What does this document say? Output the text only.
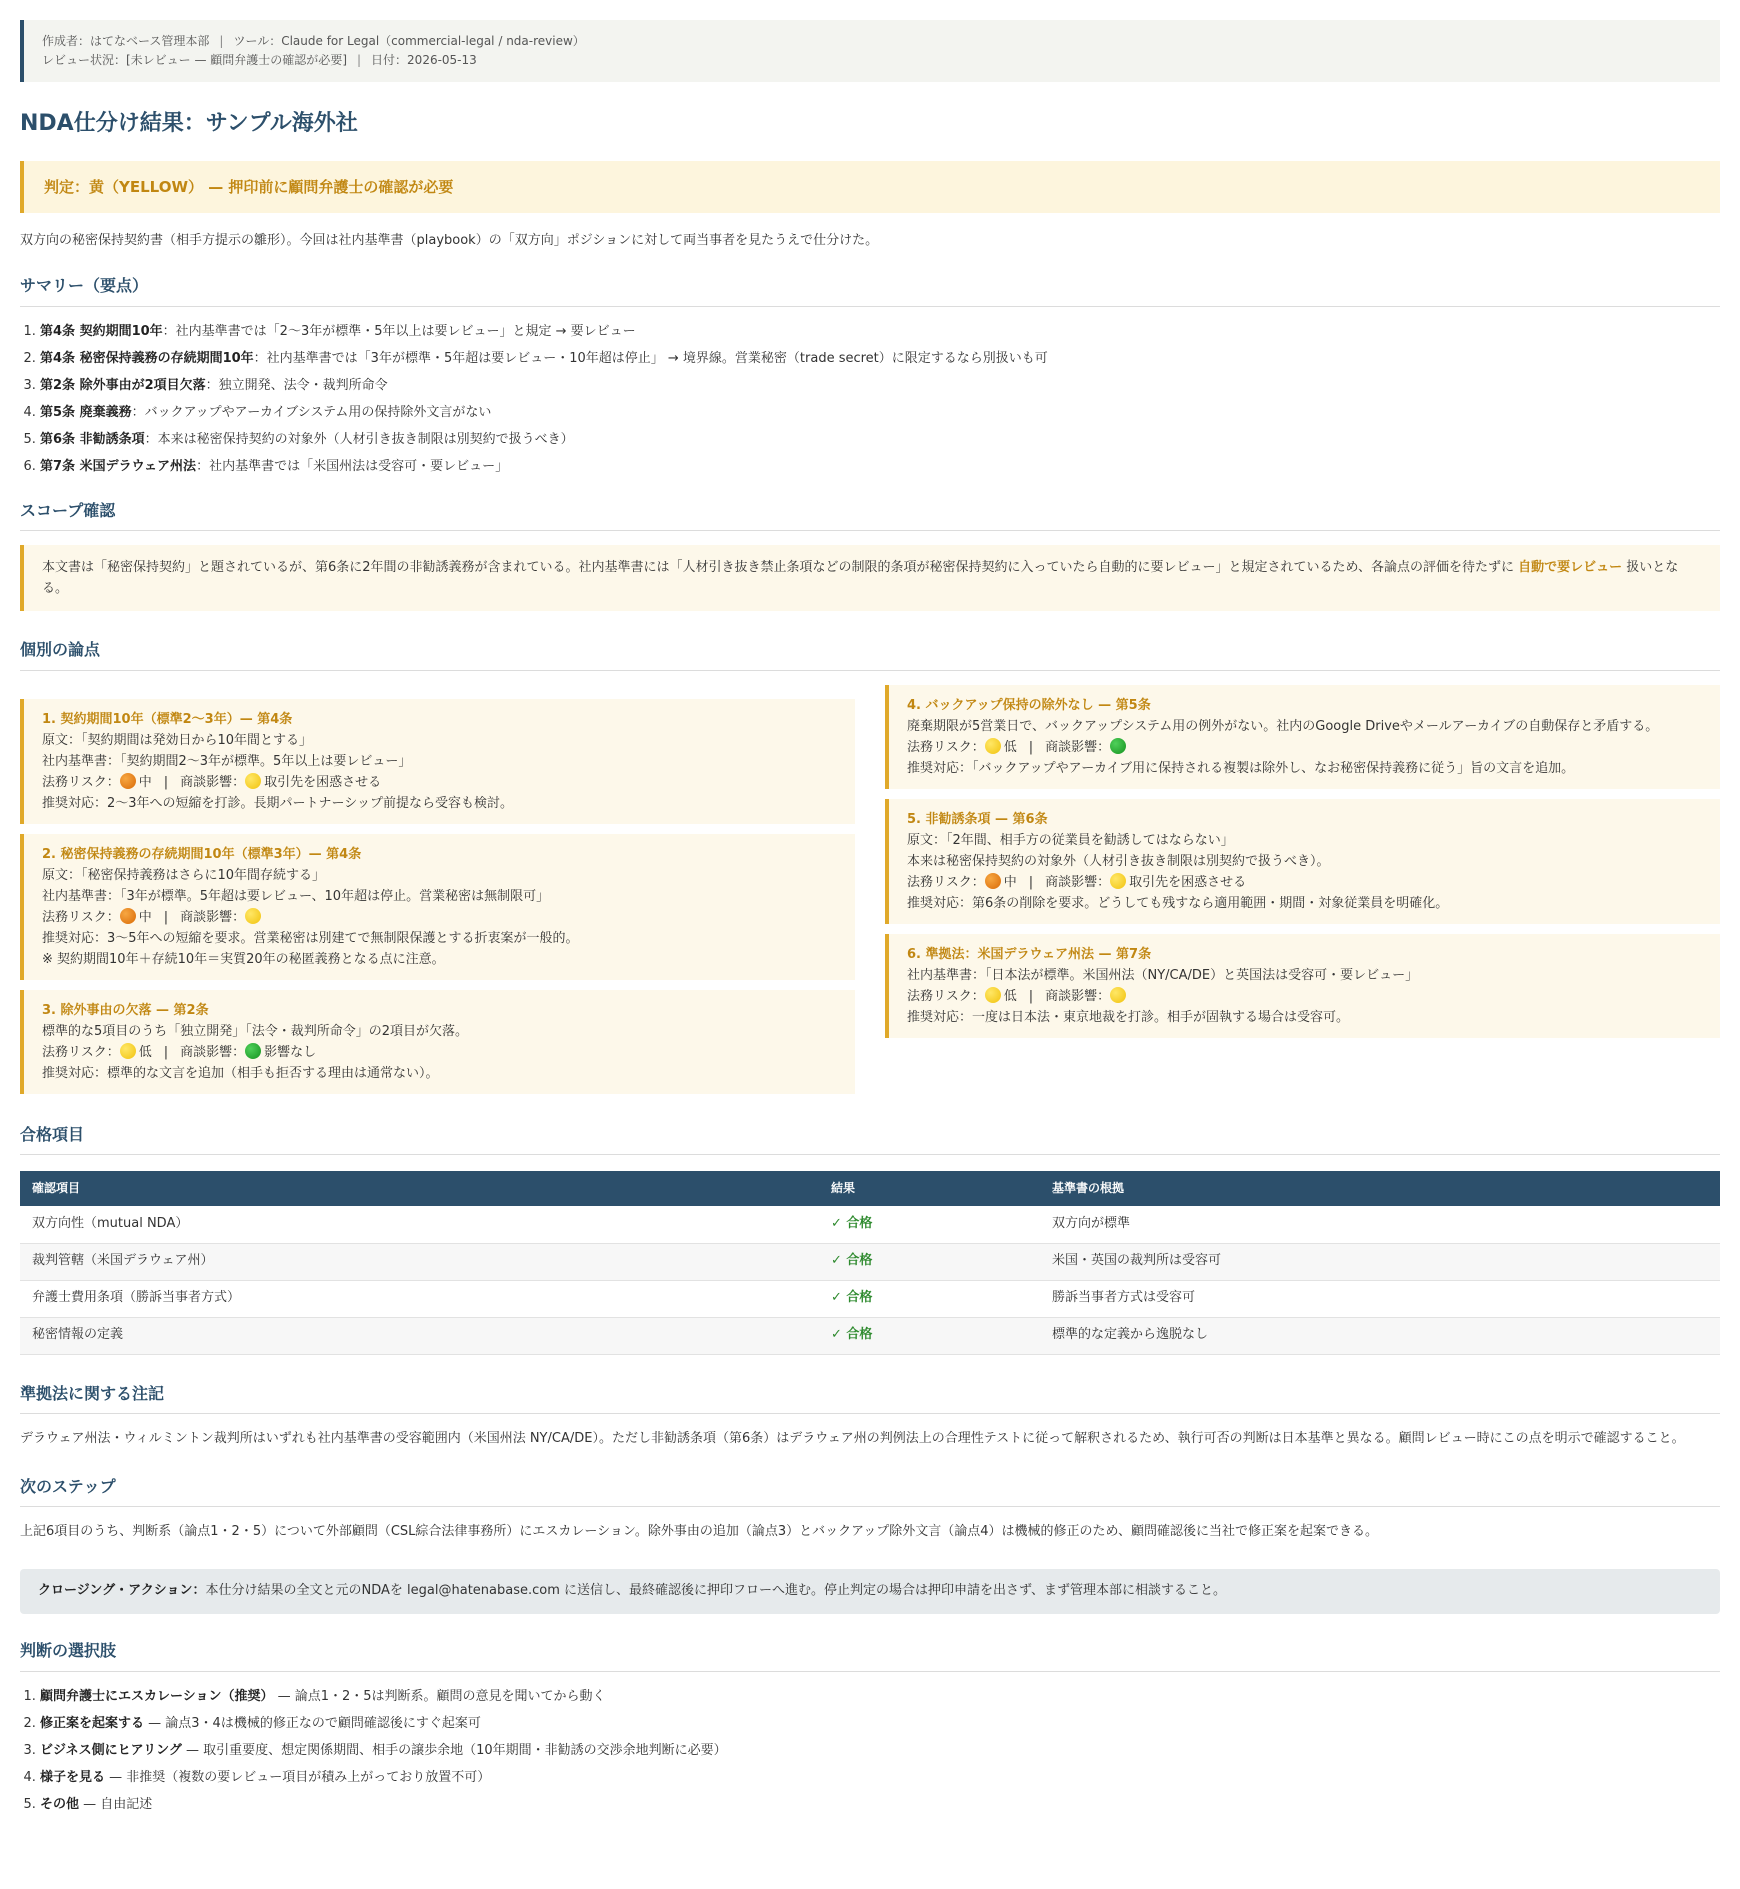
作成者：はてなベース管理本部 | ツール：Claude for Legal（commercial-legal / nda-review）
レビュー状況：[未レビュー — 顧問弁護士の確認が必要] | 日付：2026-05-13
NDA仕分け結果：サンプル海外社
判定：黄（YELLOW） — 押印前に顧問弁護士の確認が必要

双方向の秘密保持契約書（相手方提示の雛形）。今回は社内基準書（playbook）の「双方向」ポジションに対して両当事者を見たうえで仕分けた。

サマリー（要点）
1. 第4条 契約期間10年：社内基準書では「2〜3年が標準・5年以上は要レビュー」と規定 → 要レビュー
2. 第4条 秘密保持義務の存続期間10年：社内基準書では「3年が標準・5年超は要レビュー・10年超は停止」 → 境界線。営業秘密（trade secret）に限定するなら別扱いも可
3. 第2条 除外事由が2項目欠落：独立開発、法令・裁判所命令
4. 第5条 廃棄義務：バックアップやアーカイブシステム用の保持除外文言がない
5. 第6条 非勧誘条項：本来は秘密保持契約の対象外（人材引き抜き制限は別契約で扱うべき）
6. 第7条 米国デラウェア州法：社内基準書では「米国州法は受容可・要レビュー」
スコープ確認
本文書は「秘密保持契約」と題されているが、第6条に2年間の非勧誘義務が含まれている。社内基準書には「人材引き抜き禁止条項などの制限的条項が秘密保持契約に入っていたら自動的に要レビュー」と規定されているため、各論点の評価を待たずに 自動で要レビュー 扱いとなる。
個別の論点
1. 契約期間10年（標準2〜3年）— 第4条
原文：「契約期間は発効日から10年間とする」
社内基準書：「契約期間2〜3年が標準。5年以上は要レビュー」
法務リスク： 中 | 商談影響： 取引先を困惑させる
推奨対応：2〜3年への短縮を打診。長期パートナーシップ前提なら受容も検討。
2. 秘密保持義務の存続期間10年（標準3年）— 第4条
原文：「秘密保持義務はさらに10年間存続する」
社内基準書：「3年が標準。5年超は要レビュー、10年超は停止。営業秘密は無制限可」
法務リスク： 中 | 商談影響：
推奨対応：3〜5年への短縮を要求。営業秘密は別建てで無制限保護とする折衷案が一般的。
※ 契約期間10年＋存続10年＝実質20年の秘匿義務となる点に注意。
3. 除外事由の欠落 — 第2条
標準的な5項目のうち「独立開発」「法令・裁判所命令」の2項目が欠落。
法務リスク： 低 | 商談影響： 影響なし
推奨対応：標準的な文言を追加（相手も拒否する理由は通常ない）。
4. バックアップ保持の除外なし — 第5条
廃棄期限が5営業日で、バックアップシステム用の例外がない。社内のGoogle Driveやメールアーカイブの自動保存と矛盾する。
法務リスク： 低 | 商談影響：
推奨対応：「バックアップやアーカイブ用に保持される複製は除外し、なお秘密保持義務に従う」旨の文言を追加。
5. 非勧誘条項 — 第6条
原文：「2年間、相手方の従業員を勧誘してはならない」
本来は秘密保持契約の対象外（人材引き抜き制限は別契約で扱うべき）。
法務リスク： 中 | 商談影響： 取引先を困惑させる
推奨対応：第6条の削除を要求。どうしても残すなら適用範囲・期間・対象従業員を明確化。
6. 準拠法：米国デラウェア州法 — 第7条
社内基準書：「日本法が標準。米国州法（NY/CA/DE）と英国法は受容可・要レビュー」
法務リスク： 低 | 商談影響：
推奨対応：一度は日本法・東京地裁を打診。相手が固執する場合は受容可。
合格項目
確認項目	結果	基準書の根拠
双方向性（mutual NDA）	✓ 合格	双方向が標準
裁判管轄（米国デラウェア州）	✓ 合格	米国・英国の裁判所は受容可
弁護士費用条項（勝訴当事者方式）	✓ 合格	勝訴当事者方式は受容可
秘密情報の定義	✓ 合格	標準的な定義から逸脱なし
準拠法に関する注記

デラウェア州法・ウィルミントン裁判所はいずれも社内基準書の受容範囲内（米国州法 NY/CA/DE）。ただし非勧誘条項（第6条）はデラウェア州の判例法上の合理性テストに従って解釈されるため、執行可否の判断は日本基準と異なる。顧問レビュー時にこの点を明示で確認すること。

次のステップ

上記6項目のうち、判断系（論点1・2・5）について外部顧問（CSL綜合法律事務所）にエスカレーション。除外事由の追加（論点3）とバックアップ除外文言（論点4）は機械的修正のため、顧問確認後に当社で修正案を起案できる。

クロージング・アクション：本仕分け結果の全文と元のNDAを legal@hatenabase.com に送信し、最終確認後に押印フローへ進む。停止判定の場合は押印申請を出さず、まず管理本部に相談すること。
判断の選択肢
1. 顧問弁護士にエスカレーション（推奨） — 論点1・2・5は判断系。顧問の意見を聞いてから動く
2. 修正案を起案する — 論点3・4は機械的修正なので顧問確認後にすぐ起案可
3. ビジネス側にヒアリング — 取引重要度、想定関係期間、相手の譲歩余地（10年期間・非勧誘の交渉余地判断に必要）
4. 様子を見る — 非推奨（複数の要レビュー項目が積み上がっており放置不可）
5. その他 — 自由記述
